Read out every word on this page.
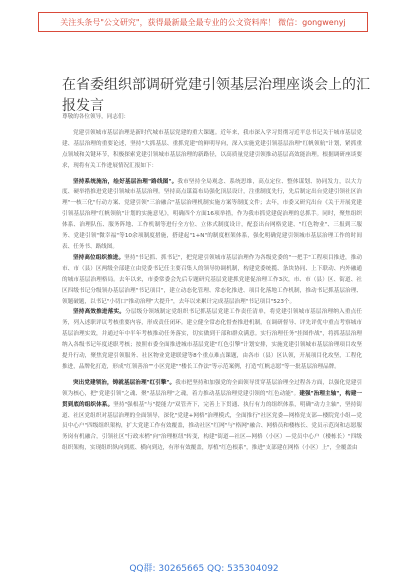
关注头条号"公文研究"，获得最新最全最专业的公文资料库！ 微信：gongwenyj
在省委组织部调研党建引领基层治理座谈会上的汇报发言

尊敬的各位领导，同志们：

党建引领城市基层治理是新时代城市基层党建的重大课题。近年来，我市深入学习贯彻习近平总书记关于城市基层党建、基层治理的重要论述，坚持"大抓基层、重抓党建"的鲜明导向，深入实施党建引领基层治理"红帆领航"计划，紧抓重点领域和关键环节，积极探索党建引领城市基层治理的新路径，以高质量党建引领推动基层高效能治理。根据调研座谈要求，现将有关工作进展情况汇报如下：

坚持系统施治，绘好基层治理"路线图"。我市坚持全局观念、系统思维，高点定位、整体谋划、协同发力，以大力度、硬举措推进党建引领城市基层治理。坚持高点谋篇布局强化顶层设计，注重制度先行，先后制定出台党建引领社区治理"一核三化"行动方案、党建引领"三治融合"基层治理机制实施方案等制度文件；去年，市委又研究出台《关于开展党建引领基层治理"红帆领航"计划的实施意见》，明确四个方面16项举措，作为我市抓党建促治理的总抓手。同时，聚焦组织体系、治理队伍、服务阵地、工作机制等进行全方位、立体式制度设计，配套出台网格党建、"红色物业"、三报到三服务、党建引领"微幸福"等10余项制度措施，搭建起"1+N"的制度框架体系，强化明确党建引领城市基层治理工作的时间表、任务书、路线图。

坚持高位组织推进。坚持"书记抓、抓书记"，把党建引领城市基层治理作为各级党委的"一把手"工程项目推进，推动市、市（县）区两级全部建立由党委书记任主要召集人的领导协调机制，构建党委统揽、条块协同、上下联动、内外融通的城市基层治理格局。去年以来，市委常委会先后专题研究基层党建抓党建促治理工作3次，市、市（县）区、街道、社区四级书记分级领办基层治理"书记项目"，建立动态化管理、常态化推进、项目化落地工作机制，推动书记抓基层治理、领题破题，以书记"小切口"推动治理"大提升"，去年以来累计完成基层治理"书记项目"523个。

坚持高效推进落实。分层级分领域制定党组织书记抓基层党建工作责任清单，将党建引领城市基层治理纳入重点任务，列入述职评议考核重要内容，形成责任闭环。建立健全常态化督查推进机制，在调研督导、评先评优中重点考察城市基层治理实效，并通过年中半年考核推动任务落实，切实做到干部和群众满意。实行治理任务"挂图作战"，将抓基层治理纳入各级书记年度述职考核；按照市委全面推进城市基层党建"红色引擎"计划安排，实施党建引领城市基层治理项目攻坚提升行动，聚焦党建引领服务、社区物业党建联建等8个重点难点课题，由各市（县）区认领，开展项目化攻坚，工程化推进，品牌化打造，形成"红领善治""小区党建""楼长工作法"等示范案例，打造"红帆志愿"等一批基层治理品牌。

突出党建领治，铸就基层治理"红引擎"。我市把坚持和加强党的全面领导贯穿基层治理全过程各方面，以强化党建引领为核心，把"党建引领"之魂、聚"基层治理"之魂，着力推动基层治理党建引领的"红色动能"。建强"治理主轴"，构建一贯到底的组织体系。坚持"强根基"与"提能力"双管齐下，完善上下贯通、执行有力的组织体系，明确"动力主轴"，坚持街道、社区党组织对基层治理的全面领导，深化"党建+网格"治理模式，全面推行"社区党委—网格党支部—楼院党小组—党员中心户"四级组织架构，扩大党建工作有效覆盖，推动社区"红网"与"格网"融合、网格员和楼栋长、党员示范岗和志愿服务岗有机融合，引领社区"行政末梢"向"治理枢纽"转变，构建"街道—社区—网格（小区）—党员中心户（楼栋长）"四级组织架构，实现组织纵向到底、横向到边，有形有效覆盖，厚植"红色根系"，推进"支部建在网格（小区）上"，全覆盖由

QQ群: 30265665 QQ: 535304092
